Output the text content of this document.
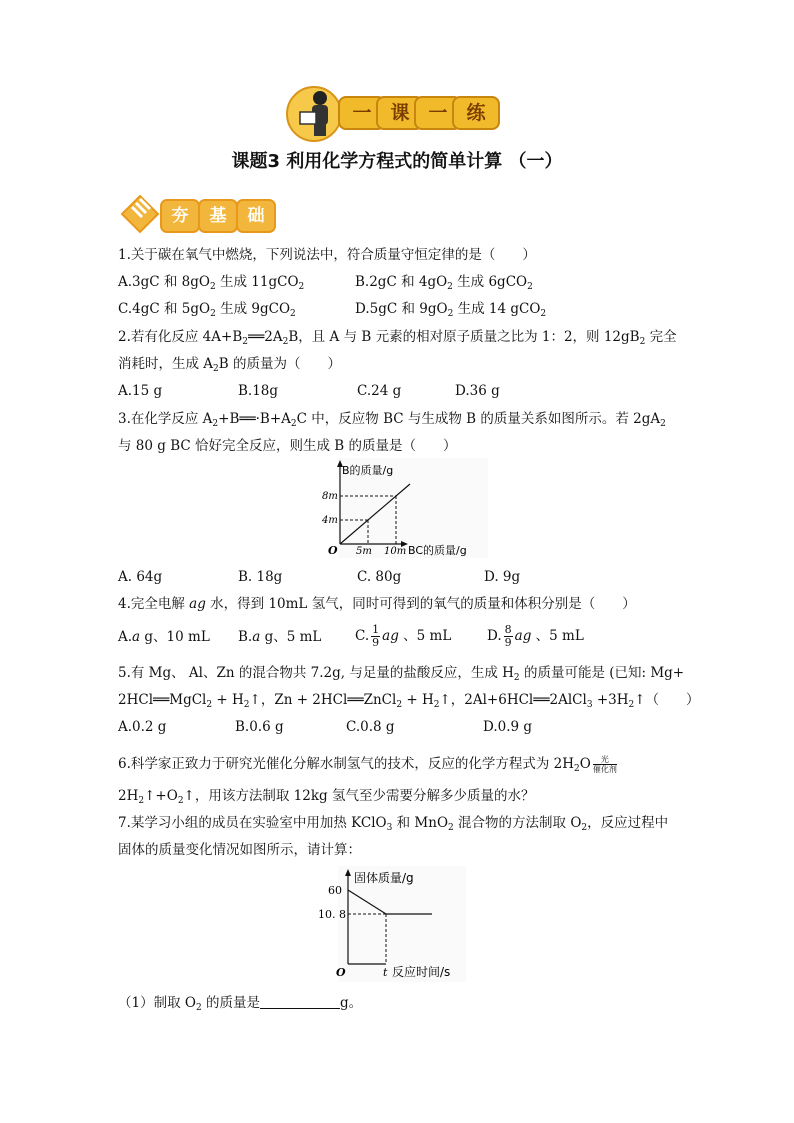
一 课 一 练
课题3 利用化学方程式的简单计算 （一）
夯	基	础
1.关于碳在氧气中燃烧，下列说法中，符合质量守恒定律的是（　　）
A.3gC 和 $8gO_2$ 生成 11gCO$_2$	B.2gC 和 $4gO_2$ 生成 6gCO$_2$
C.4gC 和 $5gO_2$ 生成 9gCO$_2$	D.5gC 和 $9gO_2$ 生成 14 gCO$_2$
2.若有化反应 $4A+B_2══2A_2B$，且 A 与 B 元素的相对原子质量之比为 1：2，则 $12gB_2$ 完全
消耗时，生成 $A_2B$ 的质量为（　　）
A.15 g	B.18g	C.24 g	D.36 g
3.在化学反应 $A_2+B══\cdot B+A_2C$ 中，反应物 BC 与生成物 B 的质量关系如图所示。若 $2gA_2$
与 80 g BC 恰好完全反应，则生成 B 的质量是（　　）
B的质量/g
8m
4m
O 5m 10m BC的质量/g
A. 64g	B. 18g	C. 80g	D. 9g
4.完全电解 ag 水，得到 10mL 氢气，同时可得到的氧气的质量和体积分别是（　　）
A.a g、10 mL B.a g、5 mL C. $\frac{1}{9}$ ag 、5 mL	D. $\frac{8}{9}$ ag 、5 mL
5.有 Mg、 Al、Zn 的混合物共 7.2g, 与足量的盐酸反应，生成 $H_2$ 的质量可能是 (已知: Mg+
2HCl══MgCl$_2$ + $H_2↑$，Zn + 2HCl══ZnCl$_2$ + $H_2↑$，2Al+6HCl══2AlCl$_3$ $+3H_2↑$（　　）
A.0.2 g	B.0.6 g	C.0.8 g	D.0.9 g
6.科学家正致力于研究光催化分解水制氢气的技术，反应的化学方程式为 $2H_2O$	光
催化剂
$2H_2↑+O_2↑$，用该方法制取 12kg 氢气至少需要分解多少质量的水？
7.某学习小组的成员在实验室中用加热 KClO$_3$ 和 MnO$_2$ 混合物的方法制取 $O_2$，反应过程中
固体的质量变化情况如图所示，请计算：
固体质量/g
60
10. 8
O	t 反应时间/s
（1）制取 $O_2$ 的质量是	g。
